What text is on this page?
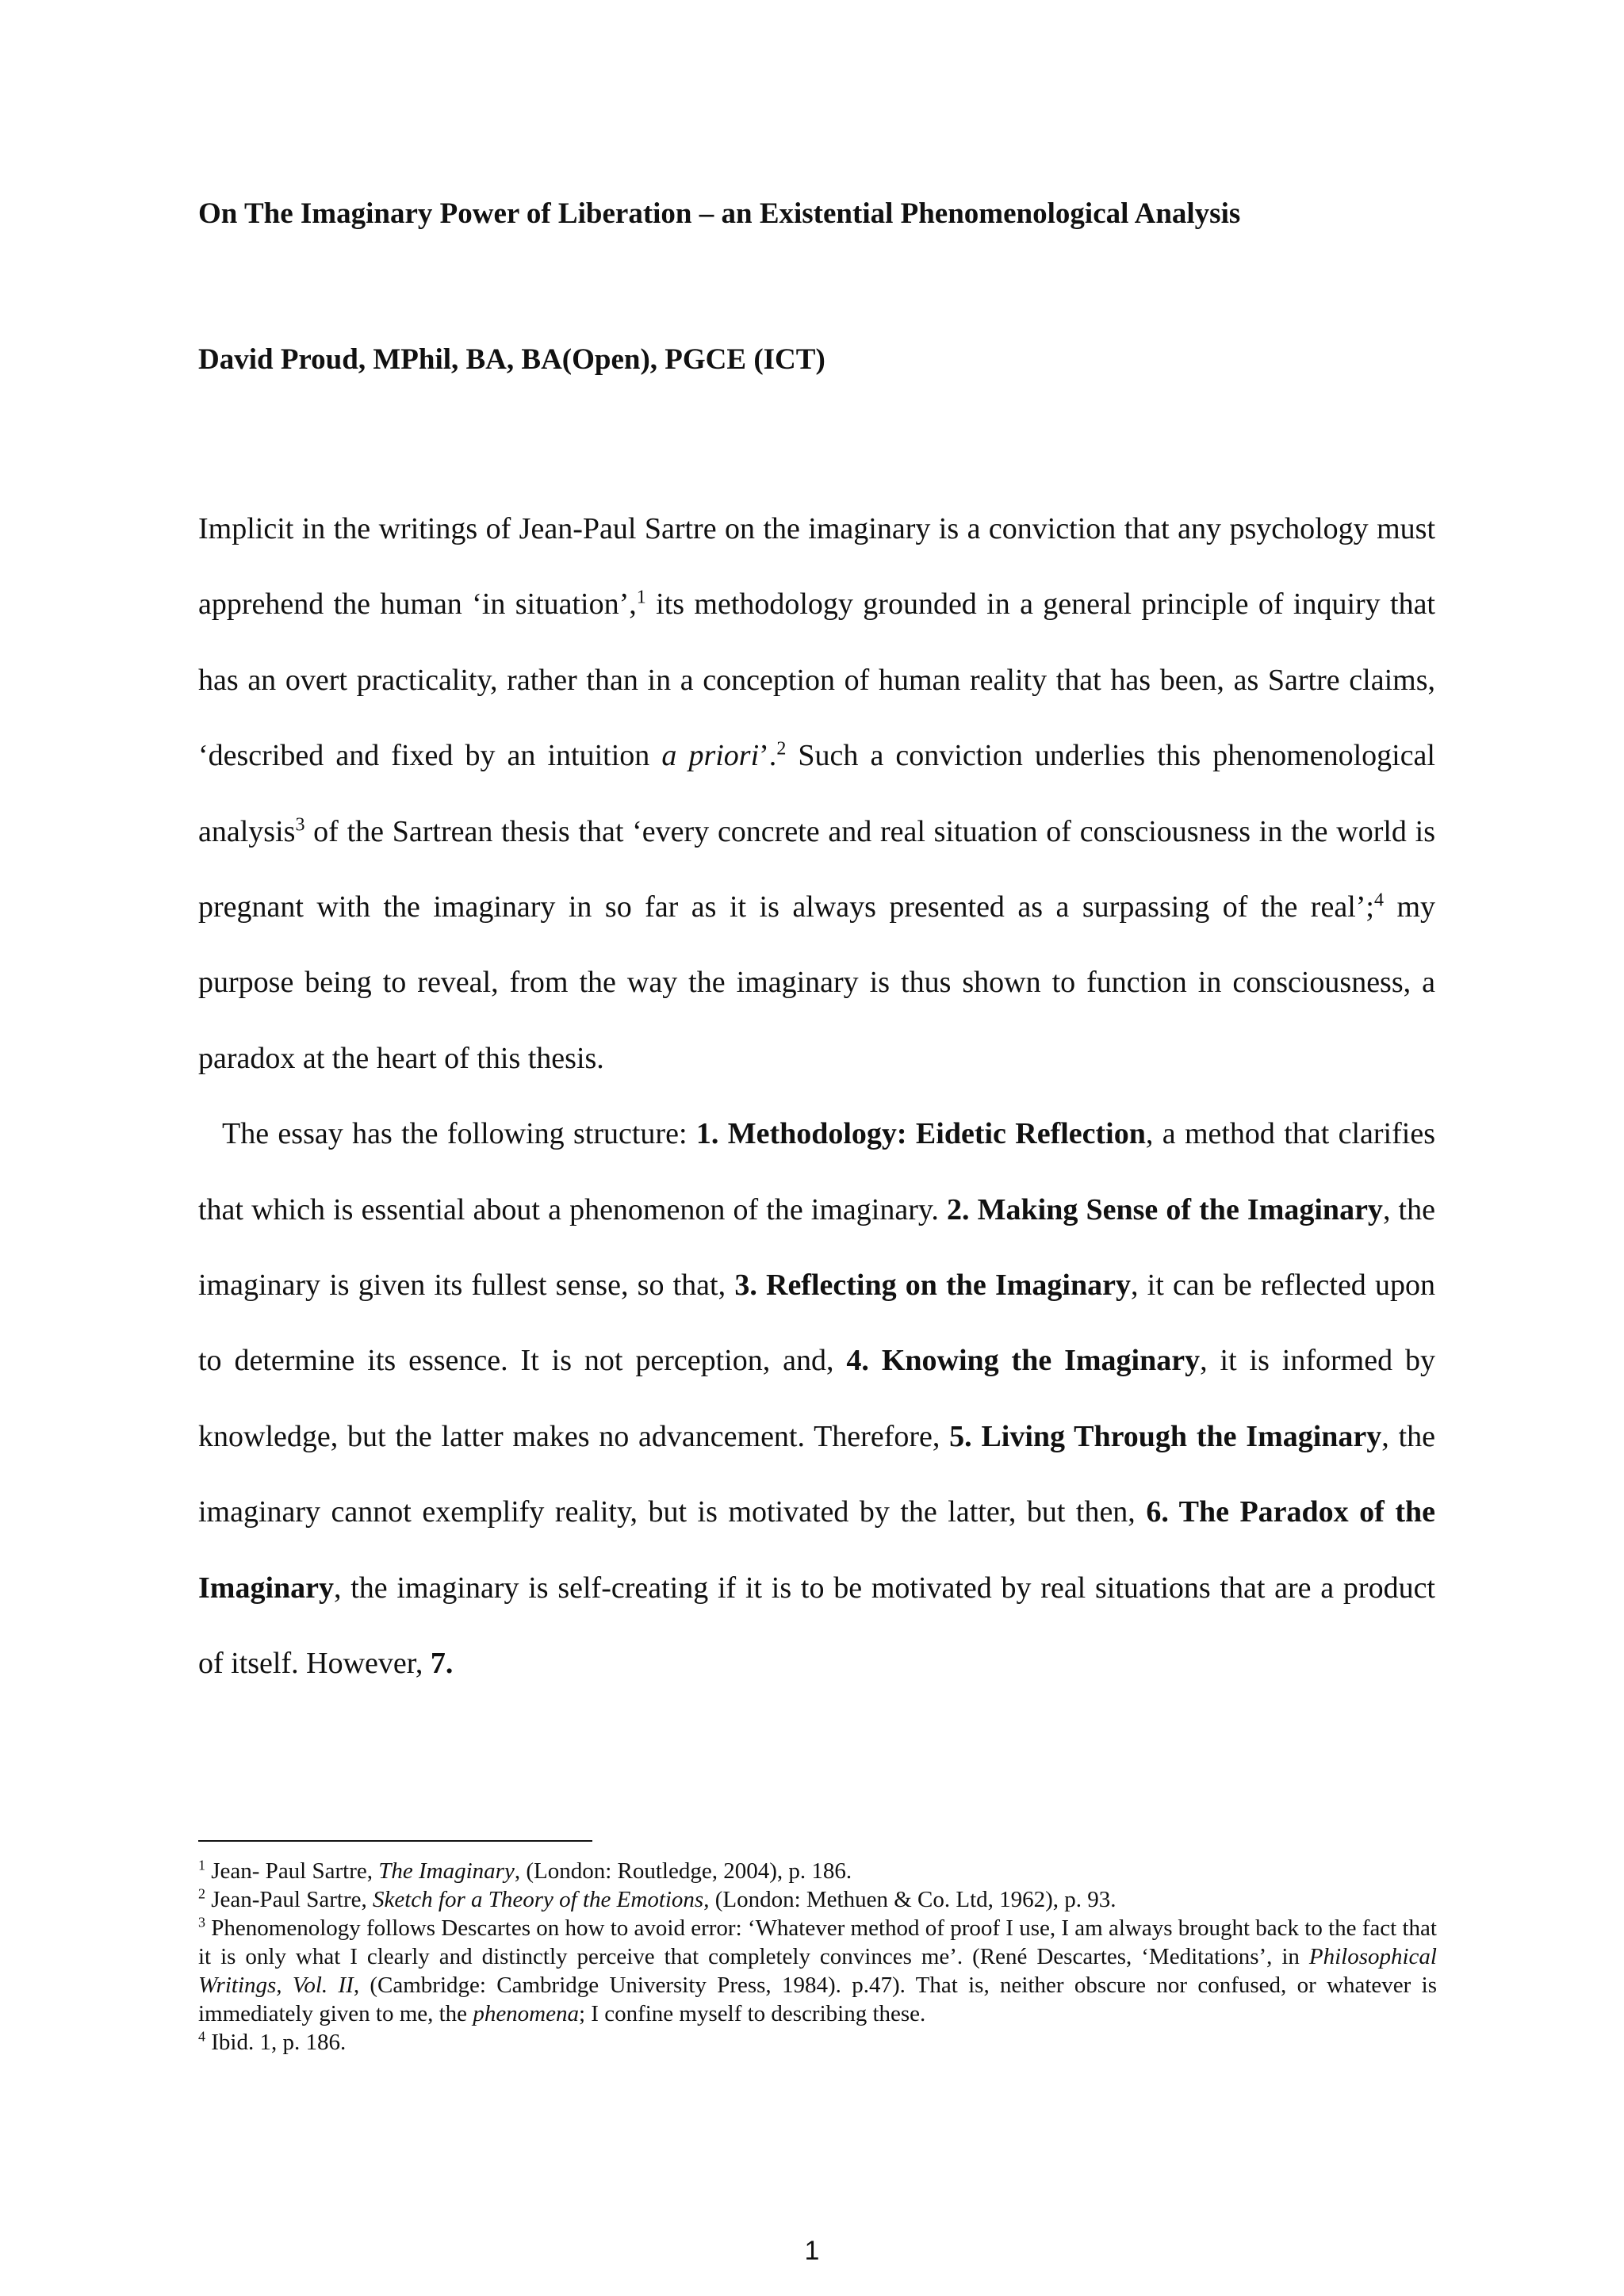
On The Imaginary Power of Liberation – an Existential Phenomenological Analysis
David Proud, MPhil, BA, BA(Open), PGCE (ICT)

Implicit in the writings of Jean-Paul Sartre on the imaginary is a conviction that any psychology must apprehend the human ‘in situation’,$^1$ its methodology grounded in a general principle of inquiry that has an overt practicality, rather than in a conception of human reality that has been, as Sartre claims, ‘described and fixed by an intuition a priori’.$^2$ Such a conviction underlies this phenomenological analysis$^3$ of the Sartrean thesis that ‘every concrete and real situation of consciousness in the world is pregnant with the imaginary in so far as it is always presented as a surpassing of the real’;$^4$ my purpose being to reveal, from the way the imaginary is thus shown to function in consciousness, a paradox at the heart of this thesis.

The essay has the following structure: 1. Methodology: Eidetic Reflection, a method that clarifies that which is essential about a phenomenon of the imaginary. 2. Making Sense of the Imaginary, the imaginary is given its fullest sense, so that, 3. Reflecting on the Imaginary, it can be reflected upon to determine its essence. It is not perception, and, 4. Knowing the Imaginary, it is informed by knowledge, but the latter makes no advancement. Therefore, 5. Living Through the Imaginary, the imaginary cannot exemplify reality, but is motivated by the latter, but then, 6. The Paradox of the Imaginary, the imaginary is self-creating if it is to be motivated by real situations that are a product of itself. However, 7.

$^1$ Jean- Paul Sartre, The Imaginary, (London: Routledge, 2004), p. 186.

$^2$ Jean-Paul Sartre, Sketch for a Theory of the Emotions, (London: Methuen & Co. Ltd, 1962), p. 93.

$^3$ Phenomenology follows Descartes on how to avoid error: ‘Whatever method of proof I use, I am always brought back to the fact that it is only what I clearly and distinctly perceive that completely convinces me’. (René Descartes, ‘Meditations’, in Philosophical Writings, Vol. II, (Cambridge: Cambridge University Press, 1984). p.47). That is, neither obscure nor confused, or whatever is immediately given to me, the phenomena; I confine myself to describing these.

$^4$ Ibid. 1, p. 186.

1
